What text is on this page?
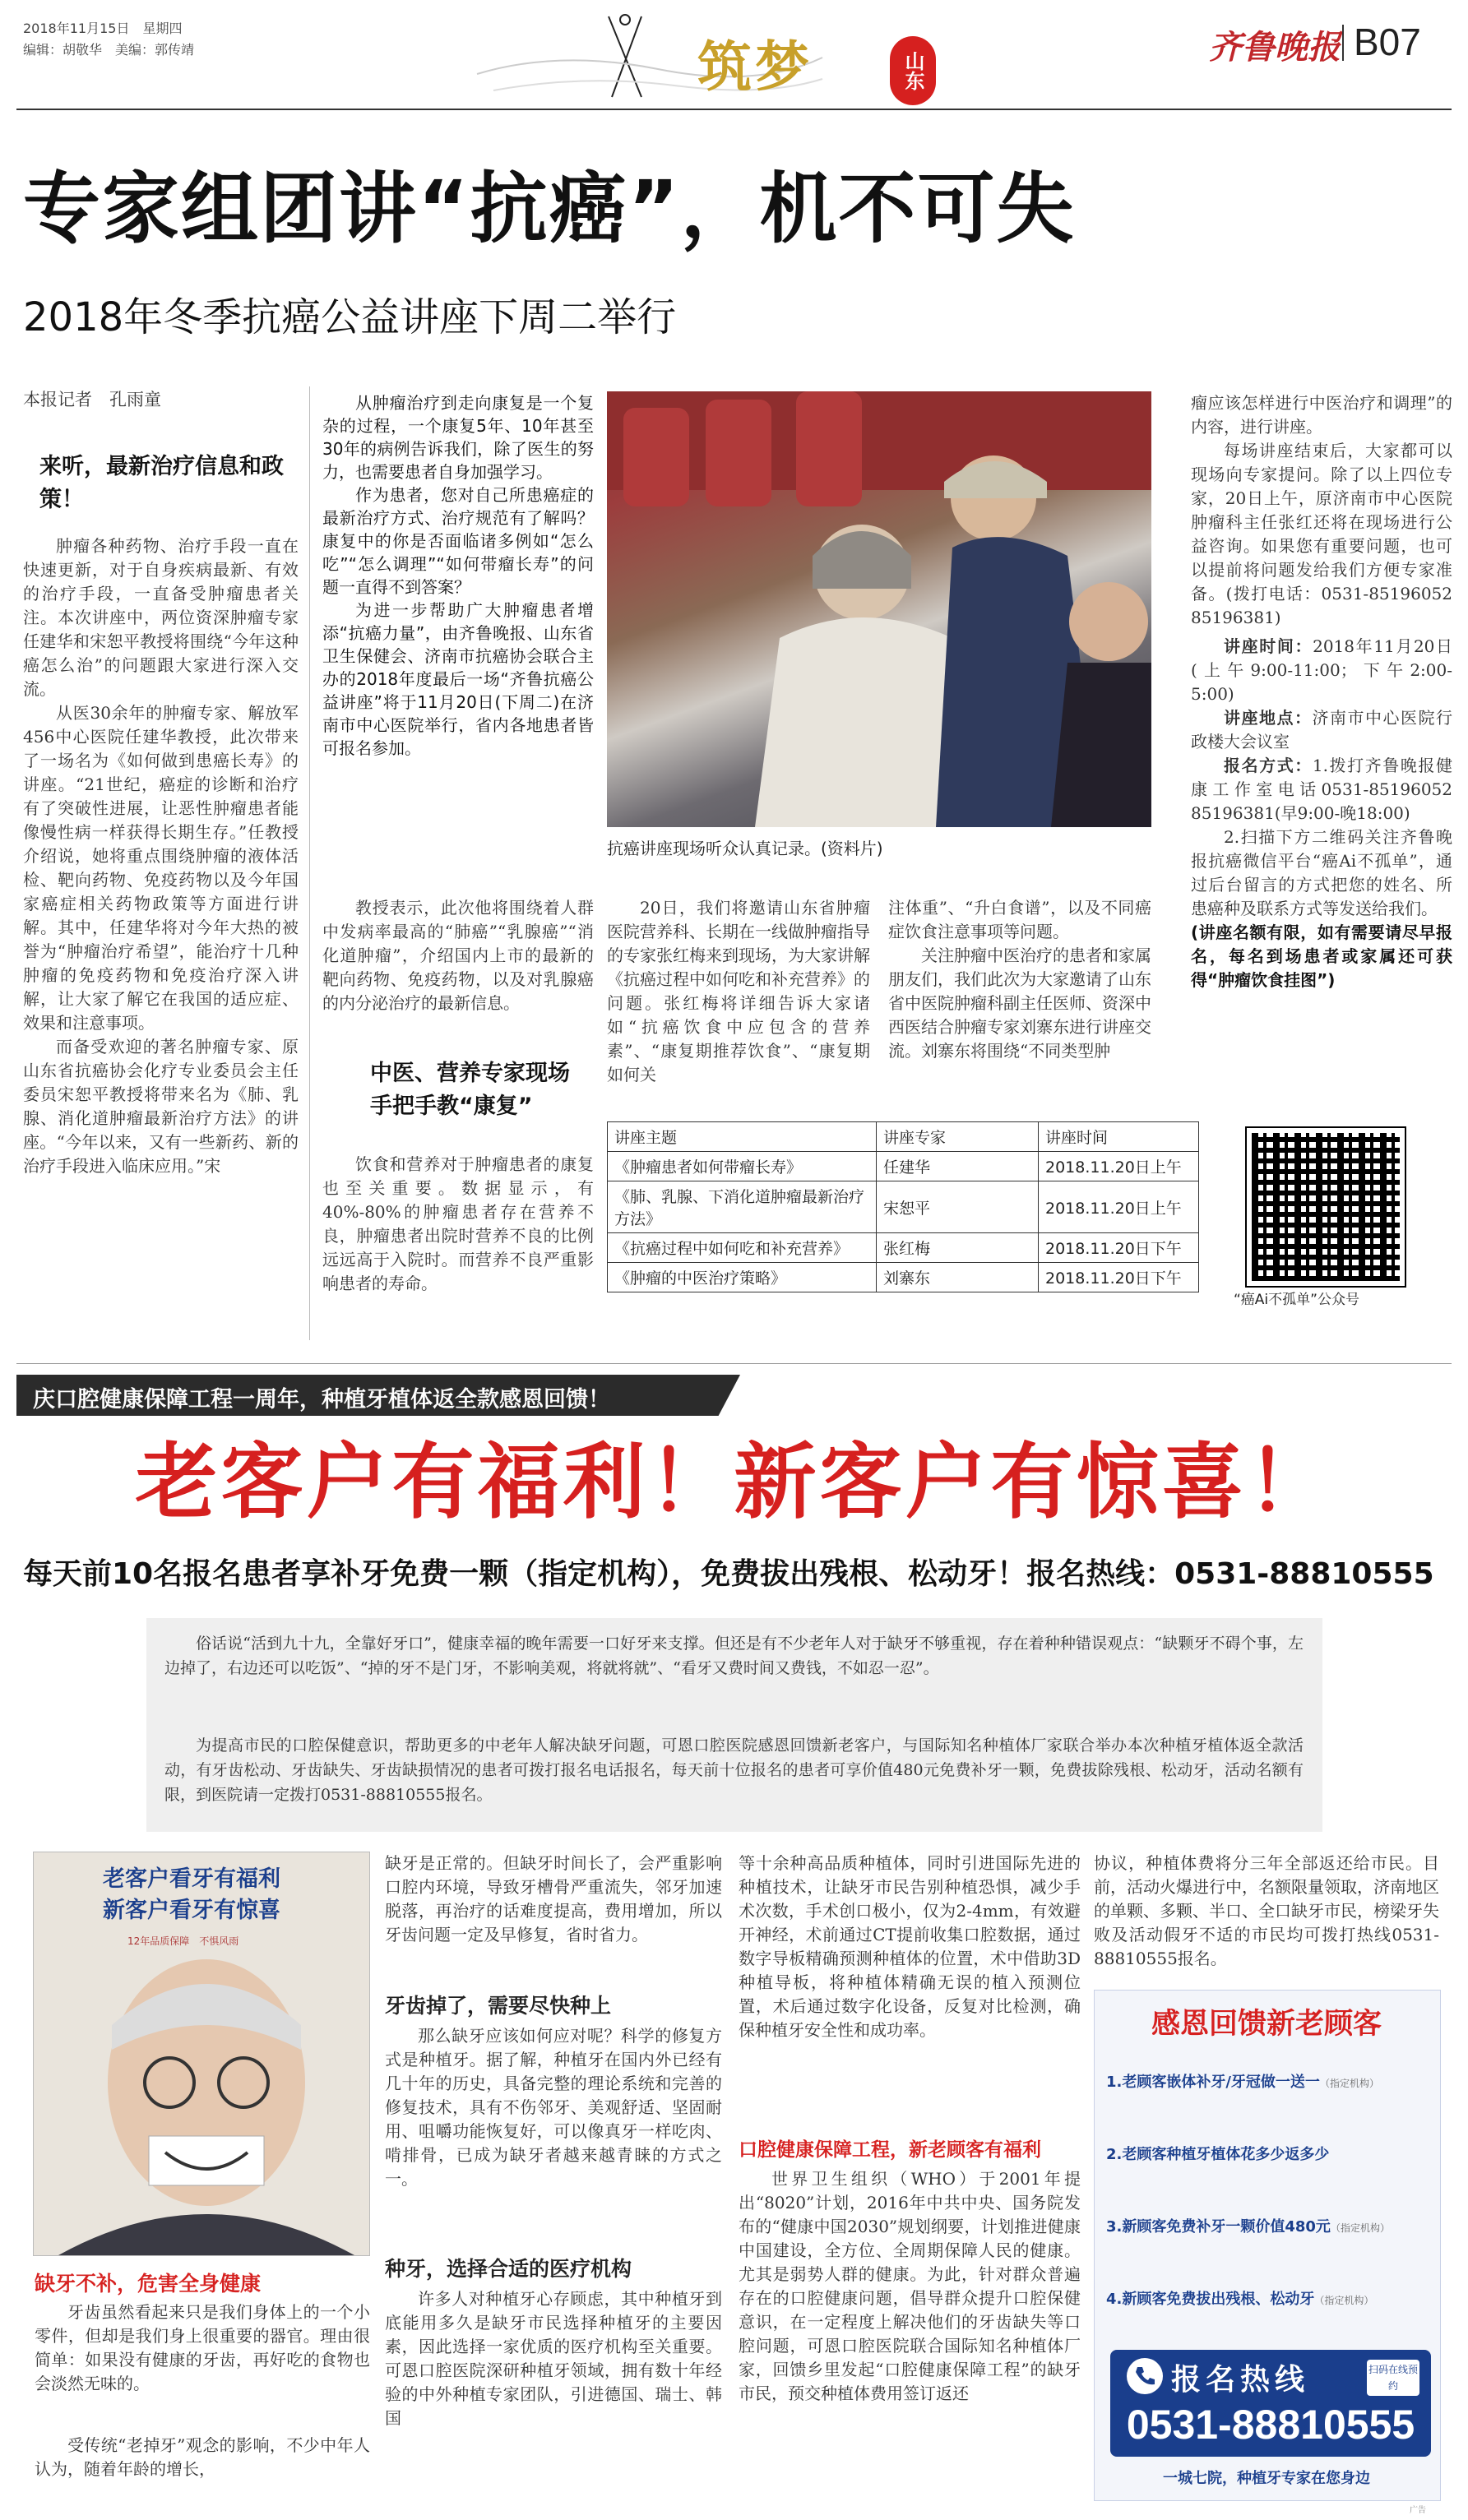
2018年11月15日　星期四
编辑：胡敬华　美编：郭传靖	筑梦	山东
齐鲁晚报 B07
专家组团讲“抗癌”，机不可失
2018年冬季抗癌公益讲座下周二举行
本报记者　孔雨童
来听，最新治疗信息和政策！

肿瘤各种药物、治疗手段一直在快速更新，对于自身疾病最新、有效的治疗手段，一直备受肿瘤患者关注。本次讲座中，两位资深肿瘤专家任建华和宋恕平教授将围绕“今年这种癌怎么治”的问题跟大家进行深入交流。

从医30余年的肿瘤专家、解放军456中心医院任建华教授，此次带来了一场名为《如何做到患癌长寿》的讲座。“21世纪，癌症的诊断和治疗有了突破性进展，让恶性肿瘤患者能像慢性病一样获得长期生存。”任教授介绍说，她将重点围绕肿瘤的液体活检、靶向药物、免疫药物以及今年国家癌症相关药物政策等方面进行讲解。其中，任建华将对今年大热的被誉为“肿瘤治疗希望”，能治疗十几种肿瘤的免疫药物和免疫治疗深入讲解，让大家了解它在我国的适应症、效果和注意事项。

而备受欢迎的著名肿瘤专家、原山东省抗癌协会化疗专业委员会主任委员宋恕平教授将带来名为《肺、乳腺、消化道肿瘤最新治疗方法》的讲座。“今年以来，又有一些新药、新的治疗手段进入临床应用。”宋

从肿瘤治疗到走向康复是一个复杂的过程，一个康复5年、10年甚至30年的病例告诉我们，除了医生的努力，也需要患者自身加强学习。

作为患者，您对自己所患癌症的最新治疗方式、治疗规范有了解吗？康复中的你是否面临诸多例如“怎么吃”“怎么调理”“如何带瘤长寿”的问题一直得不到答案？

为进一步帮助广大肿瘤患者增添“抗癌力量”，由齐鲁晚报、山东省卫生保健会、济南市抗癌协会联合主办的2018年度最后一场“齐鲁抗癌公益讲座”将于11月20日(下周二)在济南市中心医院举行，省内各地患者皆可报名参加。

抗癌讲座现场听众认真记录。(资料片)

教授表示，此次他将围绕着人群中发病率最高的“肺癌”“乳腺癌”“消化道肿瘤”，介绍国内上市的最新的靶向药物、免疫药物，以及对乳腺癌的内分泌治疗的最新信息。

中医、营养专家现场手把手教“康复”

饮食和营养对于肿瘤患者的康复也至关重要。数据显示，有40%-80%的肿瘤患者存在营养不良，肿瘤患者出院时营养不良的比例远远高于入院时。而营养不良严重影响患者的寿命。

20日，我们将邀请山东省肿瘤医院营养科、长期在一线做肿瘤指导的专家张红梅来到现场，为大家讲解《抗癌过程中如何吃和补充营养》的问题。张红梅将详细告诉大家诸如“抗癌饮食中应包含的营养素”、“康复期推荐饮食”、“康复期如何关

注体重”、“升白食谱”，以及不同癌症饮食注意事项等问题。

关注肿瘤中医治疗的患者和家属朋友们，我们此次为大家邀请了山东省中医院肿瘤科副主任医师、资深中西医结合肿瘤专家刘寨东进行讲座交流。刘寨东将围绕“不同类型肿

讲座主题	讲座专家	讲座时间
《肿瘤患者如何带瘤长寿》	任建华	2018.11.20日上午
《肺、乳腺、下消化道肿瘤最新治疗方法》	宋恕平	2018.11.20日上午
《抗癌过程中如何吃和补充营养》	张红梅	2018.11.20日下午
《肿瘤的中医治疗策略》	刘寨东	2018.11.20日下午

瘤应该怎样进行中医治疗和调理”的内容，进行讲座。

每场讲座结束后，大家都可以现场向专家提问。除了以上四位专家，20日上午，原济南市中心医院肿瘤科主任张红还将在现场进行公益咨询。如果您有重要问题，也可以提前将问题发给我们方便专家准备。(拨打电话：0531-85196052 85196381)

讲座时间：2018年11月20日(上午9:00-11:00；下午2:00-5:00)
讲座地点：济南市中心医院行政楼大会议室
报名方式：1.拨打齐鲁晚报健康工作室电话0531-85196052 85196381(早9:00-晚18:00)
2.扫描下方二维码关注齐鲁晚报抗癌微信平台“癌Ai不孤单”，通过后台留言的方式把您的姓名、所患癌种及联系方式等发送给我们。
(讲座名额有限，如有需要请尽早报名，每名到场患者或家属还可获得“肿瘤饮食挂图”)
“癌Ai不孤单”公众号
庆口腔健康保障工程一周年，种植牙植体返全款感恩回馈！
老客户有福利！新客户有惊喜！
每天前10名报名患者享补牙免费一颗（指定机构），免费拔出残根、松动牙！报名热线：0531-88810555
俗话说“活到九十九，全靠好牙口”，健康幸福的晚年需要一口好牙来支撑。但还是有不少老年人对于缺牙不够重视，存在着种种错误观点：“缺颗牙不碍个事，左边掉了，右边还可以吃饭”、“掉的牙不是门牙，不影响美观，将就将就”、“看牙又费时间又费钱，不如忍一忍”。
为提高市民的口腔保健意识，帮助更多的中老年人解决缺牙问题，可恩口腔医院感恩回馈新老客户，与国际知名种植体厂家联合举办本次种植牙植体返全款活动，有牙齿松动、牙齿缺失、牙齿缺损情况的患者可拨打报名电话报名，每天前十位报名的患者可享价值480元免费补牙一颗，免费拔除残根、松动牙，活动名额有限，到医院请一定拨打0531-88810555报名。
老客户看牙有福利
新客户看牙有惊喜
12年品质保障　不惧风雨
缺牙不补，危害全身健康
牙齿虽然看起来只是我们身体上的一个小零件，但却是我们身上很重要的器官。理由很简单：如果没有健康的牙齿，再好吃的食物也会淡然无味的。
受传统“老掉牙”观念的影响，不少中年人认为，随着年龄的增长，
缺牙是正常的。但缺牙时间长了，会严重影响口腔内环境，导致牙槽骨严重流失，邻牙加速脱落，再治疗的话难度提高，费用增加，所以牙齿问题一定及早修复，省时省力。
牙齿掉了，需要尽快种上
那么缺牙应该如何应对呢？科学的修复方式是种植牙。据了解，种植牙在国内外已经有几十年的历史，具备完整的理论系统和完善的修复技术，具有不伤邻牙、美观舒适、坚固耐用、咀嚼功能恢复好，可以像真牙一样吃肉、啃排骨，已成为缺牙者越来越青睐的方式之一。
种牙，选择合适的医疗机构
许多人对种植牙心存顾虑，其中种植牙到底能用多久是缺牙市民选择种植牙的主要因素，因此选择一家优质的医疗机构至关重要。可恩口腔医院深研种植牙领域，拥有数十年经验的中外种植专家团队，引进德国、瑞士、韩国
等十余种高品质种植体，同时引进国际先进的种植技术，让缺牙市民告别种植恐惧，减少手术次数，手术创口极小，仅为2-4mm，有效避开神经，术前通过CT提前收集口腔数据，通过数字导板精确预测种植体的位置，术中借助3D种植导板，将种植体精确无误的植入预测位置，术后通过数字化设备，反复对比检测，确保种植牙安全性和成功率。
口腔健康保障工程，新老顾客有福利
世界卫生组织（WHO）于2001年提出“8020”计划，2016年中共中央、国务院发布的“健康中国2030”规划纲要，计划推进健康中国建设，全方位、全周期保障人民的健康。尤其是弱势人群的健康。为此，针对群众普遍存在的口腔健康问题，倡导群众提升口腔保健意识，在一定程度上解决他们的牙齿缺失等口腔问题，可恩口腔医院联合国际知名种植体厂家，回馈乡里发起“口腔健康保障工程”的缺牙市民，预交种植体费用签订返还
协议，种植体费将分三年全部返还给市民。目前，活动火爆进行中，名额限量领取，济南地区的单颗、多颗、半口、全口缺牙市民，榜梁牙失败及活动假牙不适的市民均可拨打热线0531-88810555报名。
感恩回馈新老顾客
1.老顾客嵌体补牙/牙冠做一送一（指定机构）
2.老顾客种植牙植体花多少返多少
3.新顾客免费补牙一颗价值480元（指定机构）
4.新顾客免费拔出残根、松动牙（指定机构）
报名热线	扫码在线预约
0531-88810555
一城七院，种植牙专家在您身边
广告
